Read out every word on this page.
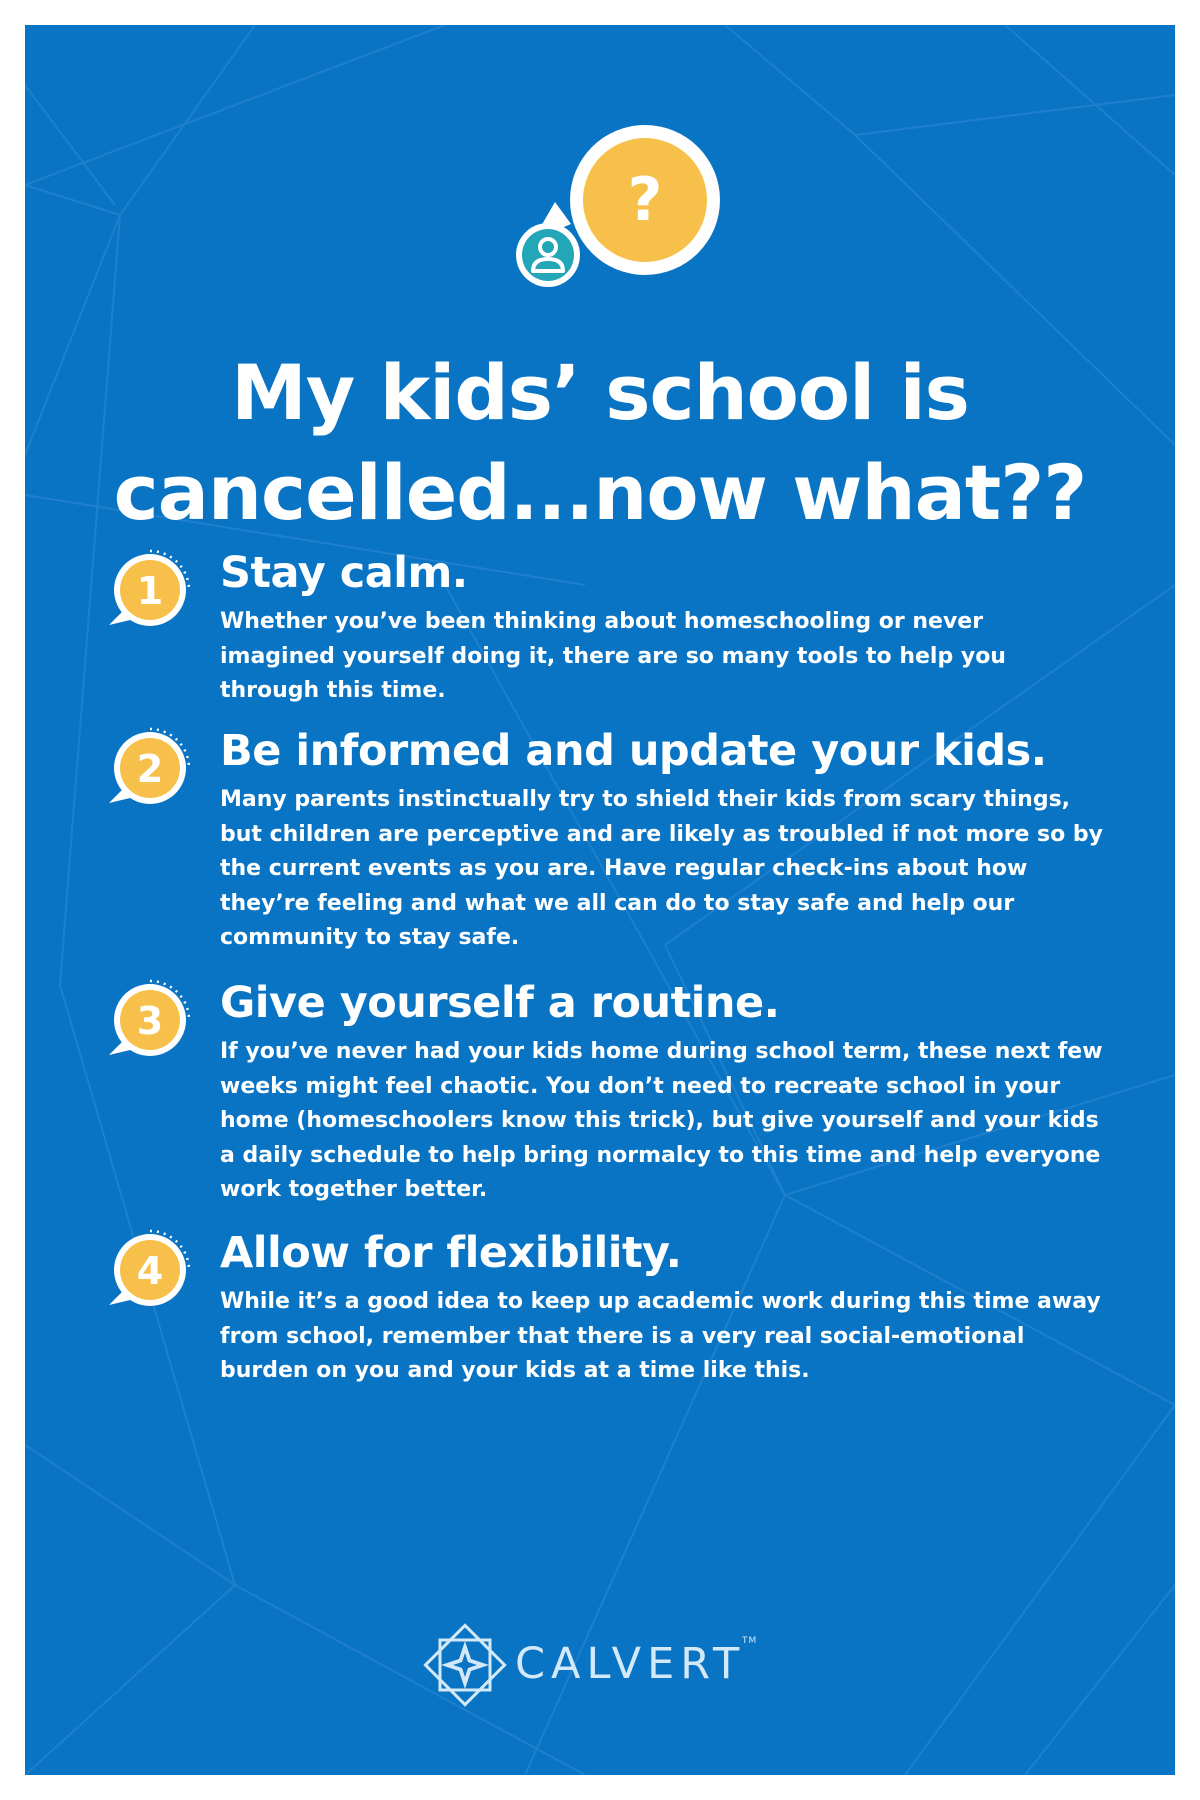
?
My kids’ school is
cancelled...now what??
1 Stay calm.

Whether you’ve been thinking about homeschooling or never imagined yourself doing it, there are so many tools to help you through this time.

2 Be informed and update your kids.

Many parents instinctually try to shield their kids from scary things, but children are perceptive and are likely as troubled if not more so by the current events as you are. Have regular check-ins about how they’re feeling and what we all can do to stay safe and help our community to stay safe.

3 Give yourself a routine.

If you’ve never had your kids home during school term, these next few weeks might feel chaotic. You don’t need to recreate school in your home (homeschoolers know this trick), but give yourself and your kids a daily schedule to help bring normalcy to this time and help everyone work together better.

4 Allow for flexibility.

While it’s a good idea to keep up academic work during this time away from school, remember that there is a very real social-emotional burden on you and your kids at a time like this.

CALVERT
TM
